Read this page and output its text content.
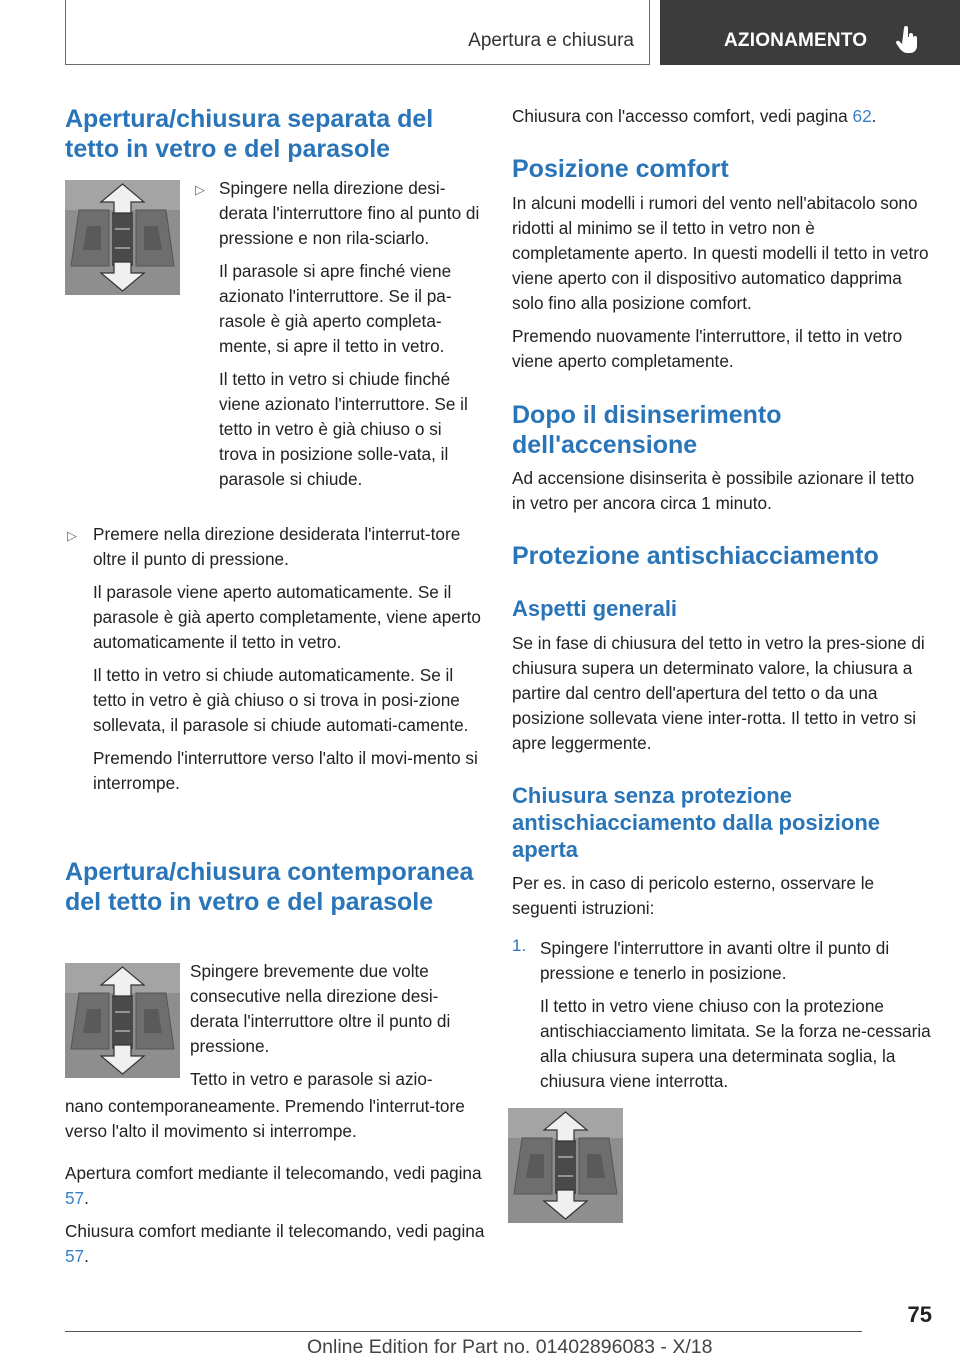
Apertura e chiusura	AZIONAMENTO
Apertura/chiusura separata del tetto in vetro e del parasole

Spingere nella direzione desi-derata l'interruttore fino al punto di pressione e non rila-sciarlo.

Il parasole si apre finché viene azionato l'interruttore. Se il pa-rasole è già aperto completa-mente, si apre il tetto in vetro.

Il tetto in vetro si chiude finché viene azionato l'interruttore. Se il tetto in vetro è già chiuso o si trova in posizione solle-vata, il parasole si chiude.

▷

Premere nella direzione desiderata l'interrut-tore oltre il punto di pressione.

Il parasole viene aperto automaticamente. Se il parasole è già aperto completamente, viene aperto automaticamente il tetto in vetro.

Il tetto in vetro si chiude automaticamente. Se il tetto in vetro è già chiuso o si trova in posi-zione sollevata, il parasole si chiude automati-camente.

Premendo l'interruttore verso l'alto il movi-mento si interrompe.

▷
Apertura/chiusura contemporanea del tetto in vetro e del parasole

Spingere brevemente due volte consecutive nella direzione desi-derata l'interruttore oltre il punto di pressione.

Tetto in vetro e parasole si azio-

nano contemporaneamente. Premendo l'interrut-tore verso l'alto il movimento si interrompe.

Apertura comfort mediante il telecomando, vedi pagina 57.

Chiusura comfort mediante il telecomando, vedi pagina 57.

Chiusura con l'accesso comfort, vedi pagina 62.

Posizione comfort

In alcuni modelli i rumori del vento nell'abitacolo sono ridotti al minimo se il tetto in vetro non è completamente aperto. In questi modelli il tetto in vetro viene aperto con il dispositivo automatico dapprima solo fino alla posizione comfort.

Premendo nuovamente l'interruttore, il tetto in vetro viene aperto completamente.

Dopo il disinserimento dell'accensione

Ad accensione disinserita è possibile azionare il tetto in vetro per ancora circa 1 minuto.

Protezione antischiacciamento
Aspetti generali

Se in fase di chiusura del tetto in vetro la pres-sione di chiusura supera un determinato valore, la chiusura a partire dal centro dell'apertura del tetto o da una posizione sollevata viene inter-rotta. Il tetto in vetro si apre leggermente.

Chiusura senza protezione antischiacciamento dalla posizione aperta

Per es. in caso di pericolo esterno, osservare le seguenti istruzioni:

1. Spingere l'interruttore in avanti oltre il punto di pressione e tenerlo in posizione.

Il tetto in vetro viene chiuso con la protezione antischiacciamento limitata. Se la forza ne-cessaria alla chiusura supera una determinata soglia, la chiusura viene interrotta.

75
Online Edition for Part no. 01402896083 - X/18
